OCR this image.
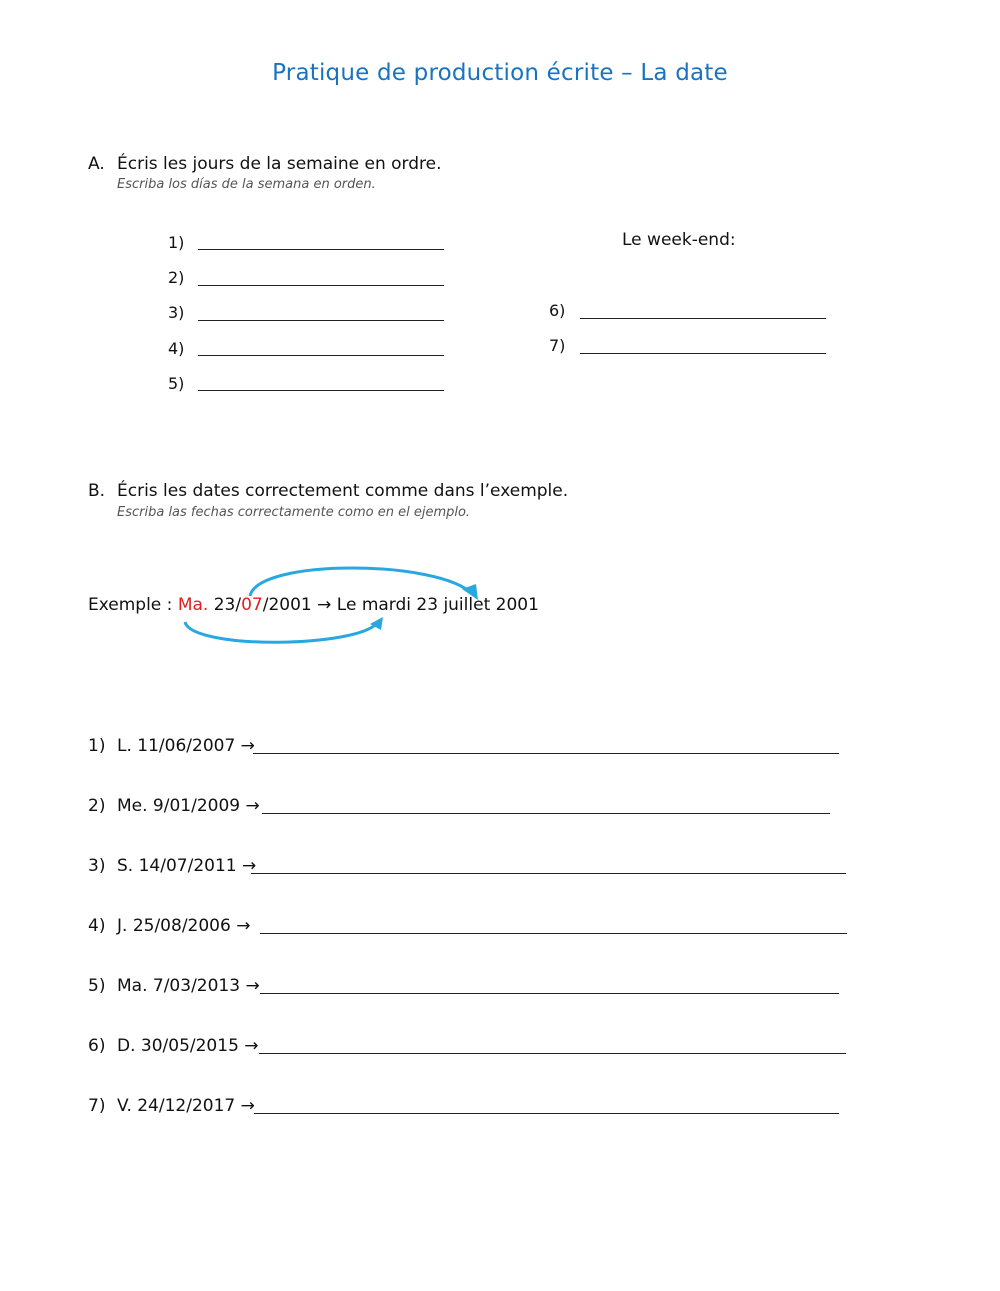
Pratique de production écrite – La date
A. Écris les jours de la semaine en ordre.
Escriba los días de la semana en orden.
1)
2)
3)
4)
5)
Le week-end:
6)
7)
B. Écris les dates correctement comme dans l’exemple.
Escriba las fechas correctamente como en el ejemplo.
Exemple : Ma. 23/07/2001 → Le mardi 23 juillet 2001
1) L. 11/06/2007 →
2) Me. 9/01/2009 →
3) S. 14/07/2011 →
4) J. 25/08/2006 →
5) Ma. 7/03/2013 →
6) D. 30/05/2015 →
7) V. 24/12/2017 →
